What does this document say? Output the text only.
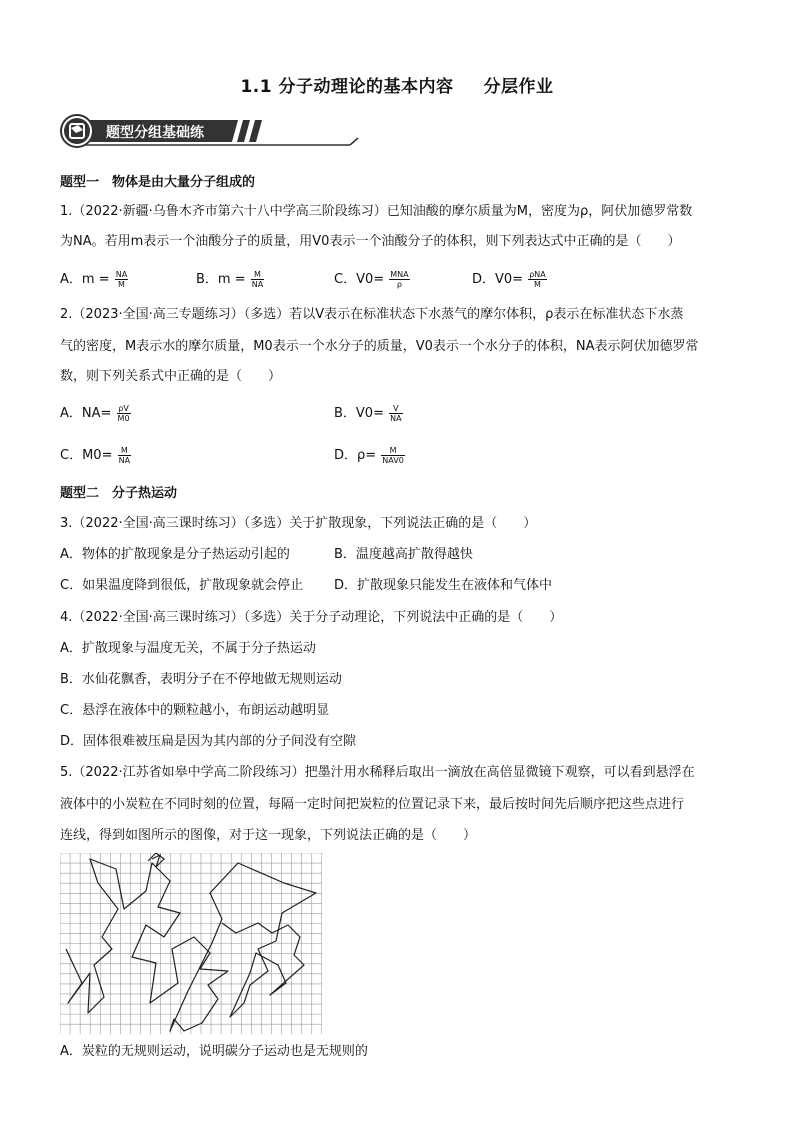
1.1 分子动理论的基本内容 分层作业
题型分组基础练
题型一　物体是由大量分子组成的
1.（2022·新疆·乌鲁木齐市第六十八中学高三阶段练习）已知油酸的摩尔质量为M，密度为ρ，阿伏加德罗常数
为NA。若用m表示一个油酸分子的质量，用V0表示一个油酸分子的体积，则下列表达式中正确的是（　　）
A．$m = \frac{NA}{M}$	B．$m = \frac{M}{NA}$	C．$V0= \frac{\text{MNA}}{\rho}$	D．$V0= \frac{\text{ρNA}}{M}$
2.（2023·全国·高三专题练习）（多选）若以V表示在标准状态下水蒸气的摩尔体积，ρ表示在标准状态下水蒸
气的密度，M表示水的摩尔质量，M0表示一个水分子的质量，V0表示一个水分子的体积，NA表示阿伏加德罗常
数，则下列关系式中正确的是（　　）
A．$NA= \frac{\rho V}{M0}$	B．$V0= \frac{V}{NA}$
C．$M0= \frac{M}{NA}$	D．$\rho= \frac{M}{\text{NAV0}}$
题型二　分子热运动
3.（2022·全国·高三课时练习）（多选）关于扩散现象，下列说法正确的是（　　）
A．物体的扩散现象是分子热运动引起的	B．温度越高扩散得越快
C．如果温度降到很低，扩散现象就会停止 D．扩散现象只能发生在液体和气体中
4.（2022·全国·高三课时练习）（多选）关于分子动理论，下列说法中正确的是（　　）
A．扩散现象与温度无关，不属于分子热运动
B．水仙花飘香，表明分子在不停地做无规则运动
C．悬浮在液体中的颗粒越小，布朗运动越明显
D．固体很难被压扁是因为其内部的分子间没有空隙
5.（2022·江苏省如皋中学高二阶段练习）把墨汁用水稀释后取出一滴放在高倍显微镜下观察，可以看到悬浮在
液体中的小炭粒在不同时刻的位置，每隔一定时间把炭粒的位置记录下来，最后按时间先后顺序把这些点进行
连线，得到如图所示的图像，对于这一现象，下列说法正确的是（　　）
A．炭粒的无规则运动，说明碳分子运动也是无规则的
